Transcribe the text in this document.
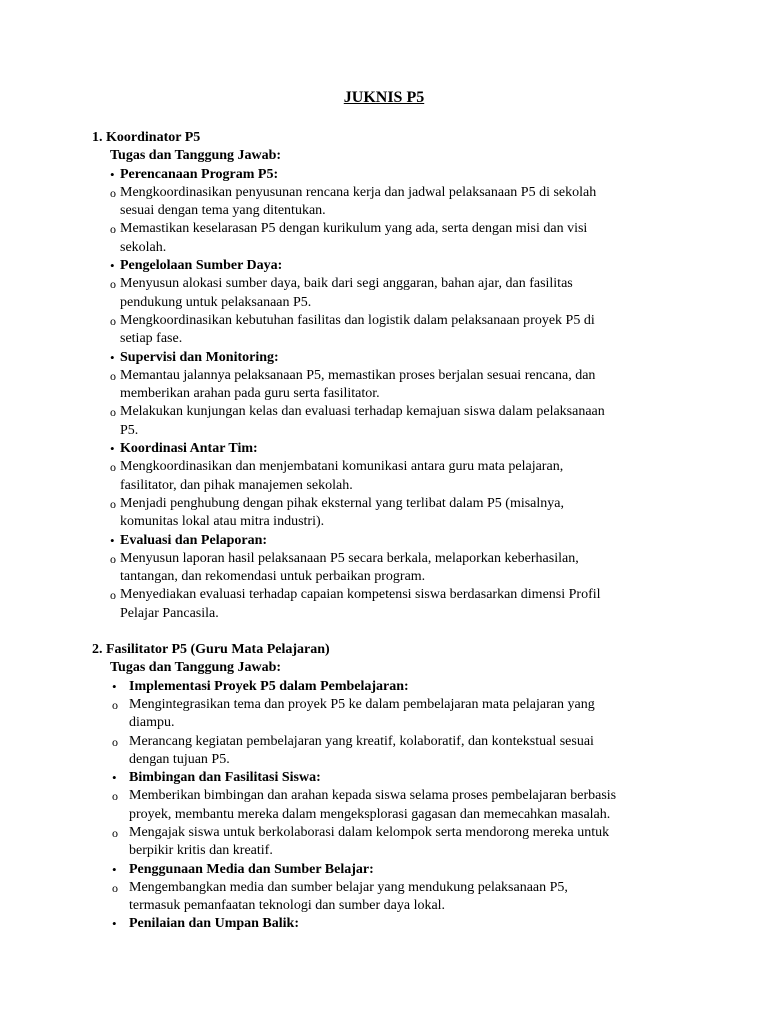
JUKNIS P5
1. Koordinator P5
Tugas dan Tanggung Jawab:
• Perencanaan Program P5:
o Mengkoordinasikan penyusunan rencana kerja dan jadwal pelaksanaan P5 di sekolah
sesuai dengan tema yang ditentukan.
o Memastikan keselarasan P5 dengan kurikulum yang ada, serta dengan misi dan visi
sekolah.
• Pengelolaan Sumber Daya:
o Menyusun alokasi sumber daya, baik dari segi anggaran, bahan ajar, dan fasilitas
pendukung untuk pelaksanaan P5.
o Mengkoordinasikan kebutuhan fasilitas dan logistik dalam pelaksanaan proyek P5 di
setiap fase.
• Supervisi dan Monitoring:
o Memantau jalannya pelaksanaan P5, memastikan proses berjalan sesuai rencana, dan
memberikan arahan pada guru serta fasilitator.
o Melakukan kunjungan kelas dan evaluasi terhadap kemajuan siswa dalam pelaksanaan
P5.
• Koordinasi Antar Tim:
o Mengkoordinasikan dan menjembatani komunikasi antara guru mata pelajaran,
fasilitator, dan pihak manajemen sekolah.
o Menjadi penghubung dengan pihak eksternal yang terlibat dalam P5 (misalnya,
komunitas lokal atau mitra industri).
• Evaluasi dan Pelaporan:
o Menyusun laporan hasil pelaksanaan P5 secara berkala, melaporkan keberhasilan,
tantangan, dan rekomendasi untuk perbaikan program.
o Menyediakan evaluasi terhadap capaian kompetensi siswa berdasarkan dimensi Profil
Pelajar Pancasila.
2. Fasilitator P5 (Guru Mata Pelajaran)
Tugas dan Tanggung Jawab:
• Implementasi Proyek P5 dalam Pembelajaran:
o Mengintegrasikan tema dan proyek P5 ke dalam pembelajaran mata pelajaran yang
diampu.
o Merancang kegiatan pembelajaran yang kreatif, kolaboratif, dan kontekstual sesuai
dengan tujuan P5.
• Bimbingan dan Fasilitasi Siswa:
o Memberikan bimbingan dan arahan kepada siswa selama proses pembelajaran berbasis
proyek, membantu mereka dalam mengeksplorasi gagasan dan memecahkan masalah.
o Mengajak siswa untuk berkolaborasi dalam kelompok serta mendorong mereka untuk
berpikir kritis dan kreatif.
• Penggunaan Media dan Sumber Belajar:
o Mengembangkan media dan sumber belajar yang mendukung pelaksanaan P5,
termasuk pemanfaatan teknologi dan sumber daya lokal.
• Penilaian dan Umpan Balik:
